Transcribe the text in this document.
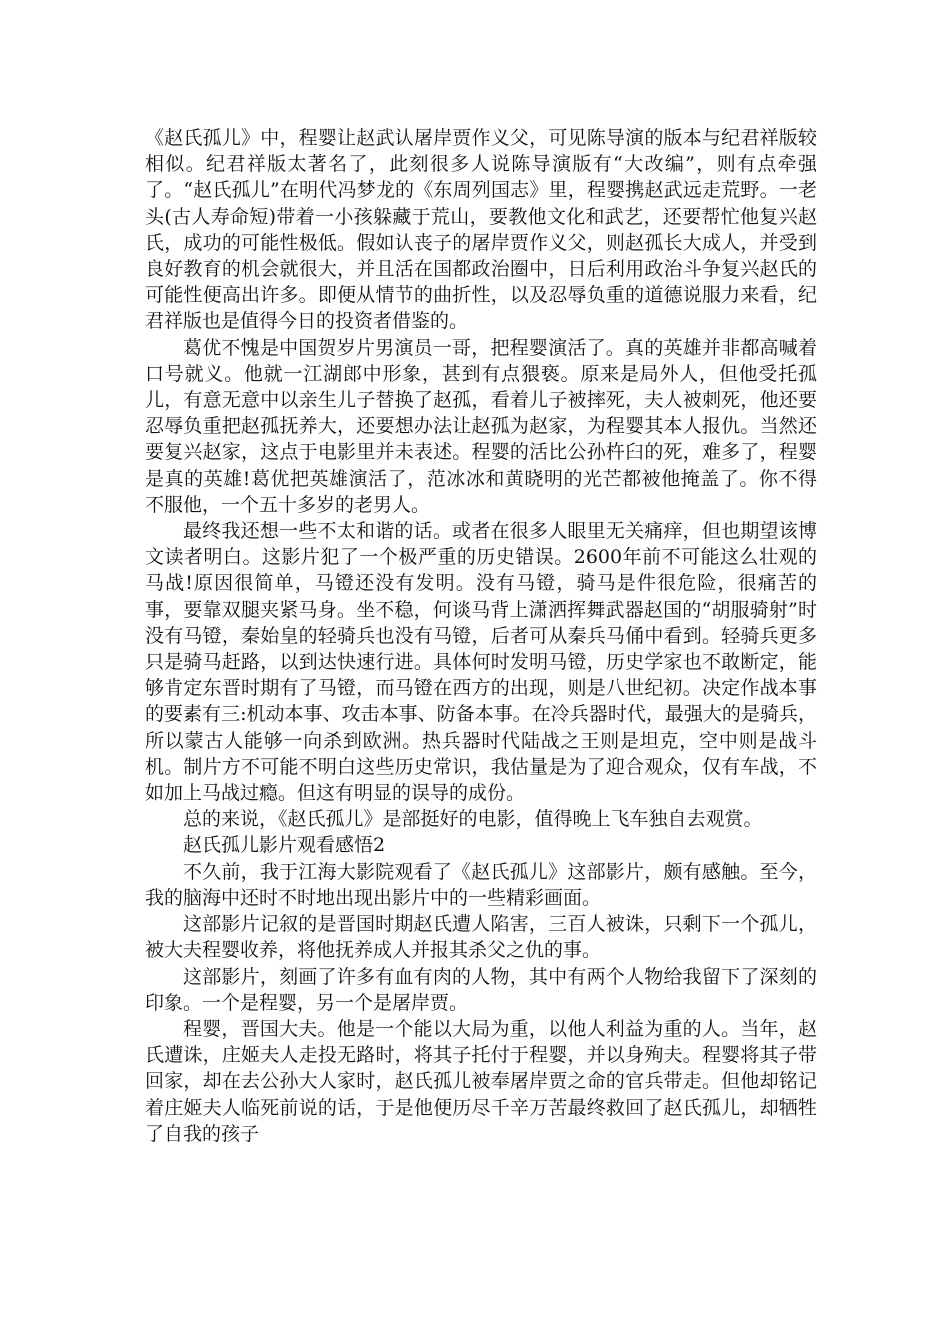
《赵氏孤儿》中，程婴让赵武认屠岸贾作义父，可见陈导演的版本与纪君祥版较相似。纪君祥版太著名了，此刻很多人说陈导演版有“大改编”，则有点牵强了。“赵氏孤儿”在明代冯梦龙的《东周列国志》里，程婴携赵武远走荒野。一老头(古人寿命短)带着一小孩躲藏于荒山，要教他文化和武艺，还要帮忙他复兴赵氏，成功的可能性极低。假如认丧子的屠岸贾作义父，则赵孤长大成人，并受到良好教育的机会就很大，并且活在国都政治圈中，日后利用政治斗争复兴赵氏的可能性便高出许多。即便从情节的曲折性，以及忍辱负重的道德说服力来看，纪君祥版也是值得今日的投资者借鉴的。

葛优不愧是中国贺岁片男演员一哥，把程婴演活了。真的英雄并非都高喊着口号就义。他就一江湖郎中形象，甚到有点猥亵。原来是局外人，但他受托孤儿，有意无意中以亲生儿子替换了赵孤，看着儿子被摔死，夫人被刺死，他还要忍辱负重把赵孤抚养大，还要想办法让赵孤为赵家，为程婴其本人报仇。当然还要复兴赵家，这点于电影里并未表述。程婴的活比公孙杵臼的死，难多了，程婴是真的英雄!葛优把英雄演活了，范冰冰和黄晓明的光芒都被他掩盖了。你不得不服他，一个五十多岁的老男人。

最终我还想一些不太和谐的话。或者在很多人眼里无关痛痒，但也期望该博文读者明白。这影片犯了一个极严重的历史错误。2600年前不可能这么壮观的马战!原因很简单，马镫还没有发明。没有马镫，骑马是件很危险，很痛苦的事，要靠双腿夹紧马身。坐不稳，何谈马背上潇洒挥舞武器赵国的“胡服骑射”时没有马镫，秦始皇的轻骑兵也没有马镫，后者可从秦兵马俑中看到。轻骑兵更多只是骑马赶路，以到达快速行进。具体何时发明马镫，历史学家也不敢断定，能够肯定东晋时期有了马镫，而马镫在西方的出现，则是八世纪初。决定作战本事的要素有三:机动本事、攻击本事、防备本事。在冷兵器时代，最强大的是骑兵，所以蒙古人能够一向杀到欧洲。热兵器时代陆战之王则是坦克，空中则是战斗机。制片方不可能不明白这些历史常识，我估量是为了迎合观众，仅有车战，不如加上马战过瘾。但这有明显的误导的成份。

总的来说，《赵氏孤儿》是部挺好的电影，值得晚上飞车独自去观赏。

赵氏孤儿影片观看感悟2

不久前，我于江海大影院观看了《赵氏孤儿》这部影片，颇有感触。至今，我的脑海中还时不时地出现出影片中的一些精彩画面。

这部影片记叙的是晋国时期赵氏遭人陷害，三百人被诛，只剩下一个孤儿，被大夫程婴收养，将他抚养成人并报其杀父之仇的事。

这部影片，刻画了许多有血有肉的人物，其中有两个人物给我留下了深刻的印象。一个是程婴，另一个是屠岸贾。

程婴，晋国大夫。他是一个能以大局为重，以他人利益为重的人。当年，赵氏遭诛，庄姬夫人走投无路时，将其子托付于程婴，并以身殉夫。程婴将其子带回家，却在去公孙大人家时，赵氏孤儿被奉屠岸贾之命的官兵带走。但他却铭记着庄姬夫人临死前说的话，于是他便历尽千辛万苦最终救回了赵氏孤儿，却牺牲了自我的孩子
